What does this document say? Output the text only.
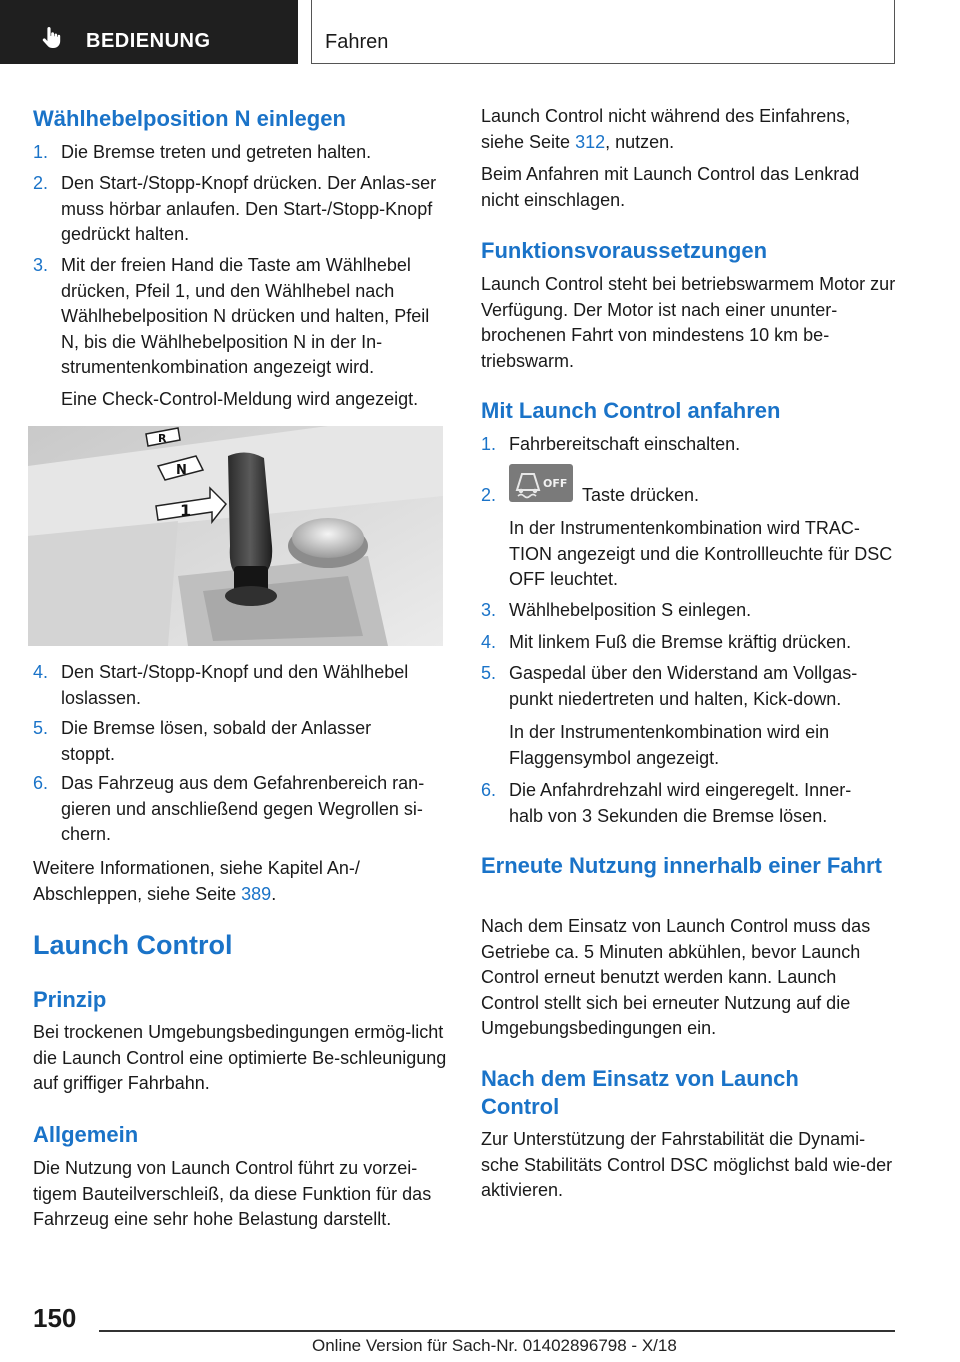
BEDIENUNG	Fahren
Wählhebelposition N einlegen
1. Die Bremse treten und getreten halten.
2. Den Start-/Stopp-Knopf drücken. Der Anlas-ser muss hörbar anlaufen. Den Start-/Stopp-Knopf gedrückt halten.
3. Mit der freien Hand die Taste am Wählhebel drücken, Pfeil 1, und den Wählhebel nach Wählhebelposition N drücken und halten, Pfeil N, bis die Wählhebelposition N in der In-strumentenkombination angezeigt wird.
Eine Check-Control-Meldung wird angezeigt.
R
N
1
4. Den Start-/Stopp-Knopf und den Wählhebel loslassen.
5. Die Bremse lösen, sobald der Anlasser stoppt.
6. Das Fahrzeug aus dem Gefahrenbereich ran-gieren und anschließend gegen Wegrollen si-chern.

Weitere Informationen, siehe Kapitel An-/
Abschleppen, siehe Seite 389.

Launch Control
Prinzip

Bei trockenen Umgebungsbedingungen ermög-licht die Launch Control eine optimierte Be-schleunigung auf griffiger Fahrbahn.

Allgemein

Die Nutzung von Launch Control führt zu vorzei-tigem Bauteilverschleiß, da diese Funktion für das Fahrzeug eine sehr hohe Belastung darstellt.

Launch Control nicht während des Einfahrens,
siehe Seite 312, nutzen.

Beim Anfahren mit Launch Control das Lenkrad nicht einschlagen.

Funktionsvoraussetzungen

Launch Control steht bei betriebswarmem Motor zur Verfügung. Der Motor ist nach einer ununter-brochenen Fahrt von mindestens 10 km be-triebswarm.

Mit Launch Control anfahren
1. Fahrbereitschaft einschalten.
2.	Taste drücken.
OFF
In der Instrumentenkombination wird TRAC-TION angezeigt und die Kontrollleuchte für DSC OFF leuchtet.
3. Wählhebelposition S einlegen.
4. Mit linkem Fuß die Bremse kräftig drücken.
5. Gaspedal über den Widerstand am Vollgas-punkt niedertreten und halten, Kick-down.
In der Instrumentenkombination wird ein Flaggensymbol angezeigt.
6. Die Anfahrdrehzahl wird eingeregelt. Inner-halb von 3 Sekunden die Bremse lösen.
Erneute Nutzung innerhalb einer Fahrt

Nach dem Einsatz von Launch Control muss das Getriebe ca. 5 Minuten abkühlen, bevor Launch Control erneut benutzt werden kann. Launch Control stellt sich bei erneuter Nutzung auf die Umgebungsbedingungen ein.

Nach dem Einsatz von Launch Control

Zur Unterstützung der Fahrstabilität die Dynami-sche Stabilitäts Control DSC möglichst bald wie-der aktivieren.

150
Online Version für Sach-Nr. 01402896798 - X/18
